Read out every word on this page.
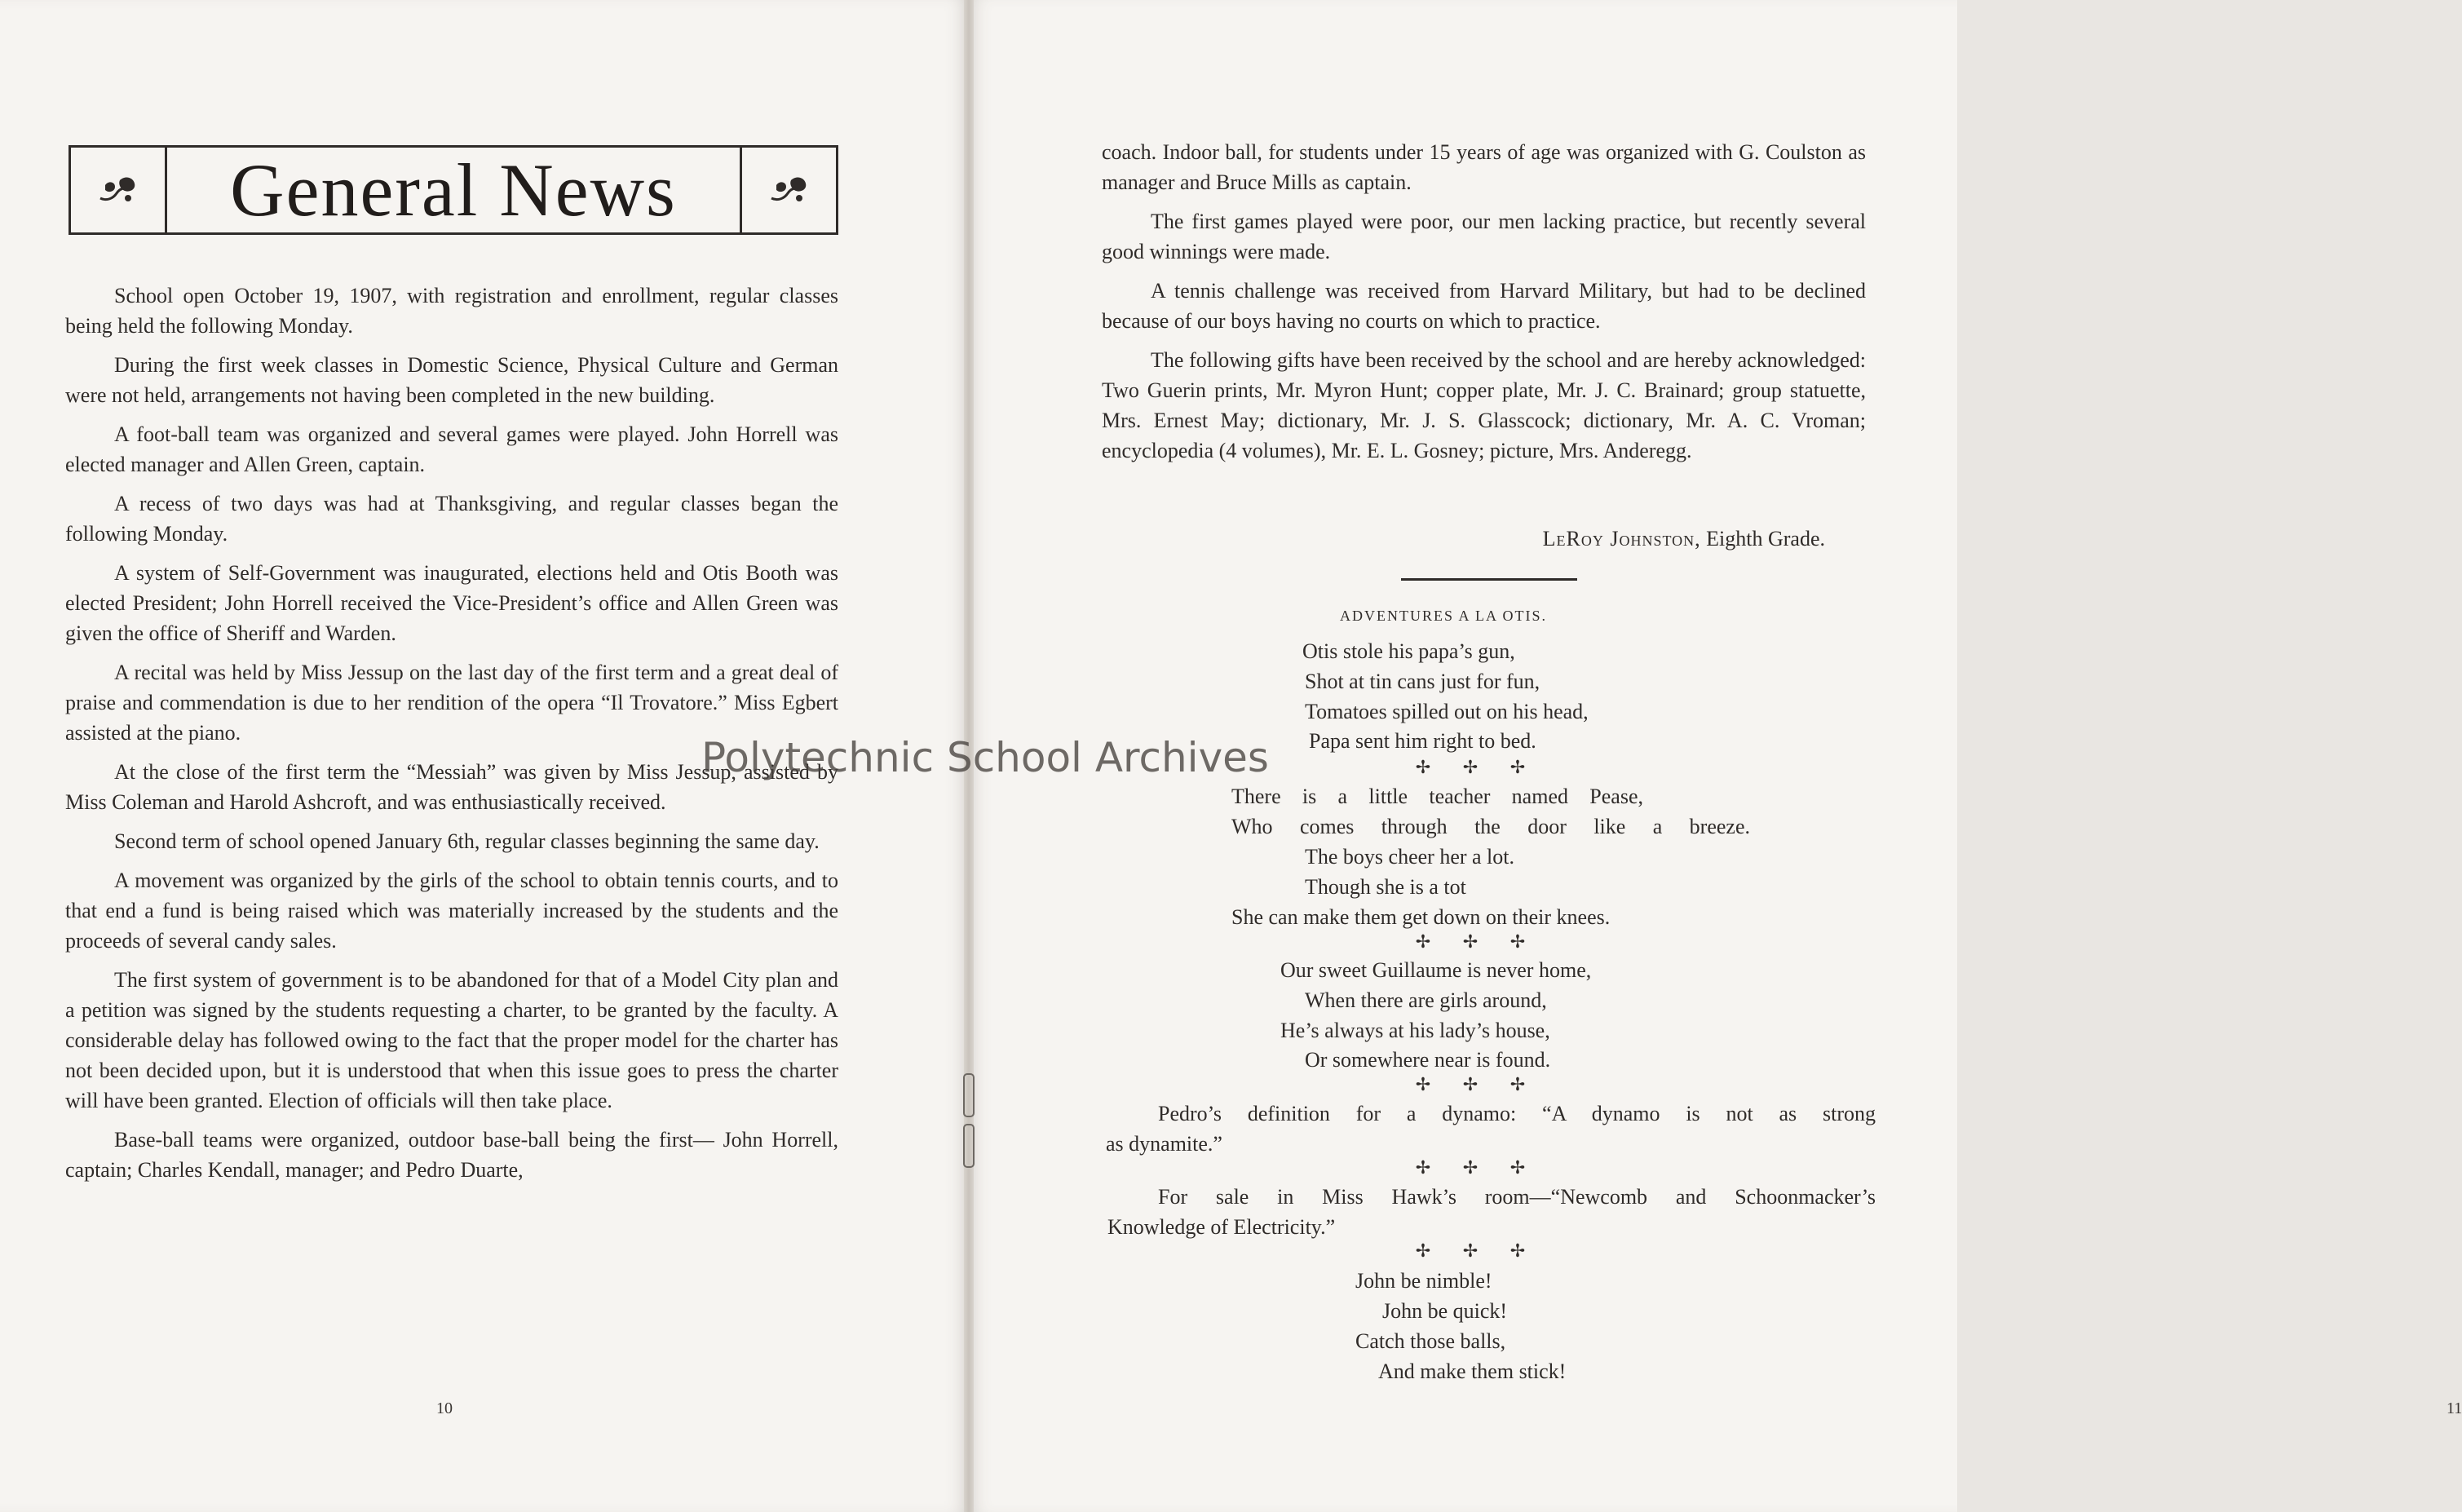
General News

School open October 19, 1907, with registration and enrollment, regular classes being held the following Monday.

During the first week classes in Domestic Science, Physical Culture and German were not held, arrangements not having been completed in the new building.

A foot-ball team was organized and several games were played. John Horrell was elected manager and Allen Green, captain.

A recess of two days was had at Thanksgiving, and regular classes began the following Monday.

A system of Self-Government was inaugurated, elections held and Otis Booth was elected President; John Horrell received the Vice-President’s office and Allen Green was given the office of Sheriff and Warden.

A recital was held by Miss Jessup on the last day of the first term and a great deal of praise and commendation is due to her rendition of the opera “Il Trovatore.” Miss Egbert assisted at the piano.

At the close of the first term the “Messiah” was given by Miss Jessup, assisted by Miss Coleman and Harold Ashcroft, and was enthusiastically received.

Second term of school opened January 6th, regular classes beginning the same day.

A movement was organized by the girls of the school to obtain tennis courts, and to that end a fund is being raised which was materially increased by the students and the proceeds of several candy sales.

The first system of government is to be abandoned for that of a Model City plan and a petition was signed by the students requesting a charter, to be granted by the faculty. A considerable delay has followed owing to the fact that the proper model for the charter has not been decided upon, but it is understood that when this issue goes to press the charter will have been granted. Election of officials will then take place.

Base-ball teams were organized, outdoor base-ball being the first— John Horrell, captain; Charles Kendall, manager; and Pedro Duarte,

10

coach. Indoor ball, for students under 15 years of age was organized with G. Coulston as manager and Bruce Mills as captain.

The first games played were poor, our men lacking practice, but recently several good winnings were made.

A tennis challenge was received from Harvard Military, but had to be declined because of our boys having no courts on which to practice.

The following gifts have been received by the school and are hereby acknowledged: Two Guerin prints, Mr. Myron Hunt; copper plate, Mr. J. C. Brainard; group statuette, Mrs. Ernest May; dictionary, Mr. J. S. Glasscock; dictionary, Mr. A. C. Vroman; encyclopedia (4 volumes), Mr. E. L. Gosney; picture, Mrs. Anderegg.

11
LeRoy Johnston, Eighth Grade.
ADVENTURES A LA OTIS.
Otis stole his papa’s gun,
Shot at tin cans just for fun,
Tomatoes spilled out on his head,
Papa sent him right to bed.
✢ ✢ ✢
There is a little teacher named Pease,
Who comes through the door like a breeze.
The boys cheer her a lot.
Though she is a tot
She can make them get down on their knees.
✢ ✢ ✢
Our sweet Guillaume is never home,
When there are girls around,
He’s always at his lady’s house,
Or somewhere near is found.
✢ ✢ ✢
Pedro’s definition for a dynamo: “A dynamo is not as strong
as dynamite.”
✢ ✢ ✢
For sale in Miss Hawk’s room—“Newcomb and Schoonmacker’s
Knowledge of Electricity.”
✢ ✢ ✢
John be nimble!
John be quick!
Catch those balls,
And make them stick!
Polytechnic School Archives
